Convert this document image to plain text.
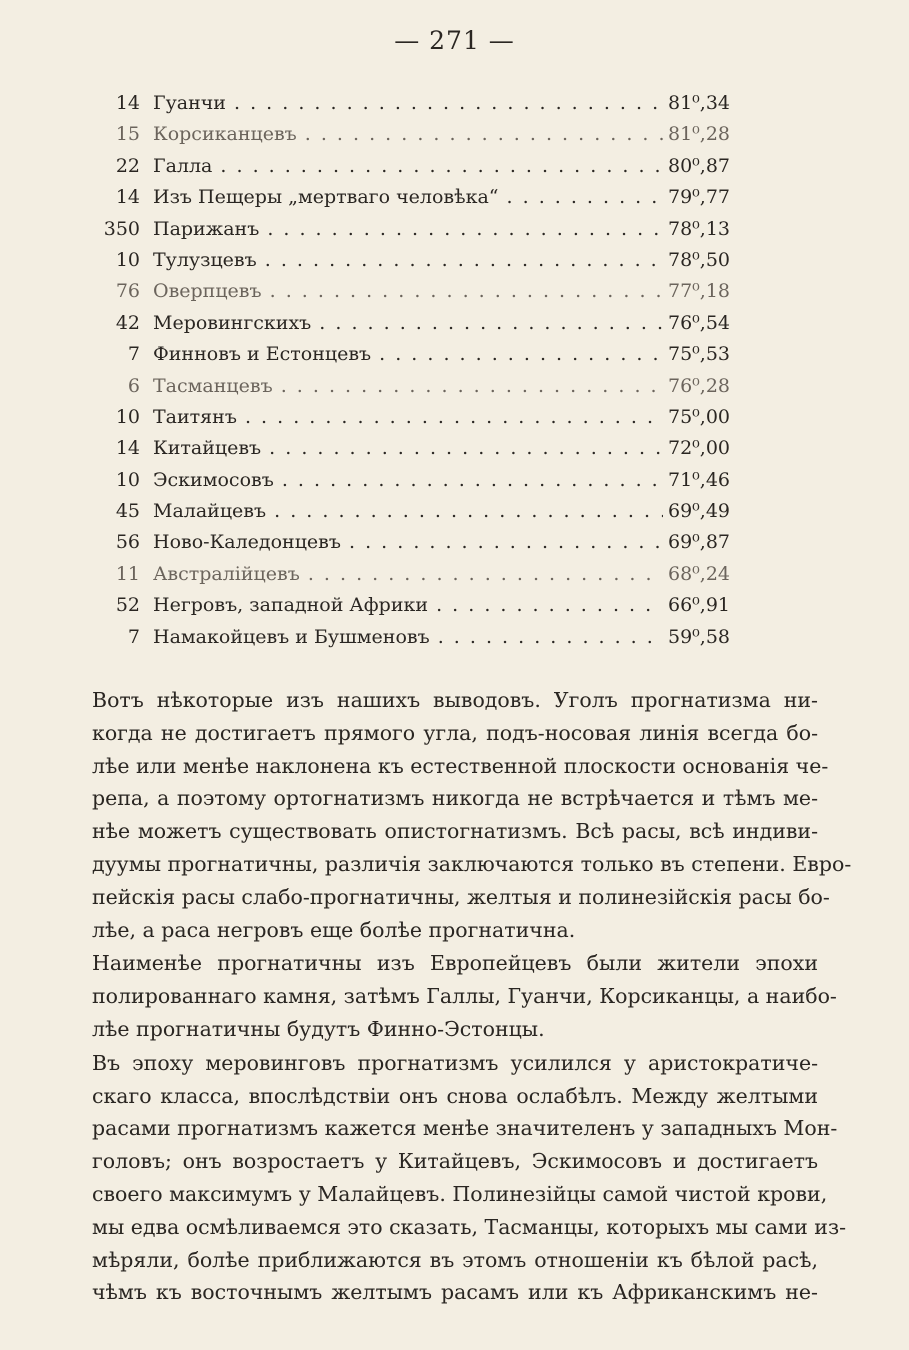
— 271 —
14 Гуанчи . . .	81⁰,34
15 Корсиканцевъ . . .	81⁰,28
22 Галла . . .	80⁰,87
14 Изъ Пещеры „мертваго человѣка“ . . .	79⁰,77
350 Парижанъ . . .	78⁰,13
10 Тулузцевъ . . .	78⁰,50
76 Оверпцевъ . . .	77⁰,18
42 Меровингскихъ . . .	76⁰,54
7 Финновъ и Естонцевъ . . .	75⁰,53
6 Тасманцевъ . . .	76⁰,28
10 Таитянъ . . .	75⁰,00
14 Китайцевъ . . .	72⁰,00
10 Эскимосовъ . . .	71⁰,46
45 Малайцевъ . . .	69⁰,49
56 Ново-Каледонцевъ . . .	69⁰,87
11 Австралійцевъ . . .	68⁰,24
52 Негровъ, западной Африки . . .	66⁰,91
7 Намакойцевъ и Бушменовъ . . .	59⁰,58

Вотъ нѣкоторые изъ нашихъ выводовъ. Уголъ прогнатизма ни-
когда не достигаетъ прямого угла, подъ-носовая линія всегда бо-
лѣе или менѣе наклонена къ естественной плоскости основанія че-
репа, а поэтому ортогнатизмъ никогда не встрѣчается и тѣмъ ме-
нѣе можетъ существовать опистогнатизмъ. Всѣ расы, всѣ индиви-
дуумы прогнатичны, различія заключаются только въ степени. Евро-
пейскія расы слабо-прогнатичны, желтыя и полинезійскія расы бо-
лѣе, а раса негровъ еще болѣе прогнатична.

Наименѣе прогнатичны изъ Европейцевъ были жители эпохи
полированнаго камня, затѣмъ Галлы, Гуанчи, Корсиканцы, а наибо-
лѣе прогнатичны будутъ Финно-Эстонцы.

Въ эпоху меровинговъ прогнатизмъ усилился у аристократиче-
скаго класса, впослѣдствіи онъ снова ослабѣлъ. Между желтыми
расами прогнатизмъ кажется менѣе значителенъ у западныхъ Мон-
головъ; онъ возростаетъ у Китайцевъ, Эскимосовъ и достигаетъ
своего максимумъ у Малайцевъ. Полинезійцы самой чистой крови,
мы едва осмѣливаемся это сказать, Тасманцы, которыхъ мы сами из-
мѣряли, болѣе приближаются въ этомъ отношеніи къ бѣлой расѣ,
чѣмъ къ восточнымъ желтымъ расамъ или къ Африканскимъ не-
